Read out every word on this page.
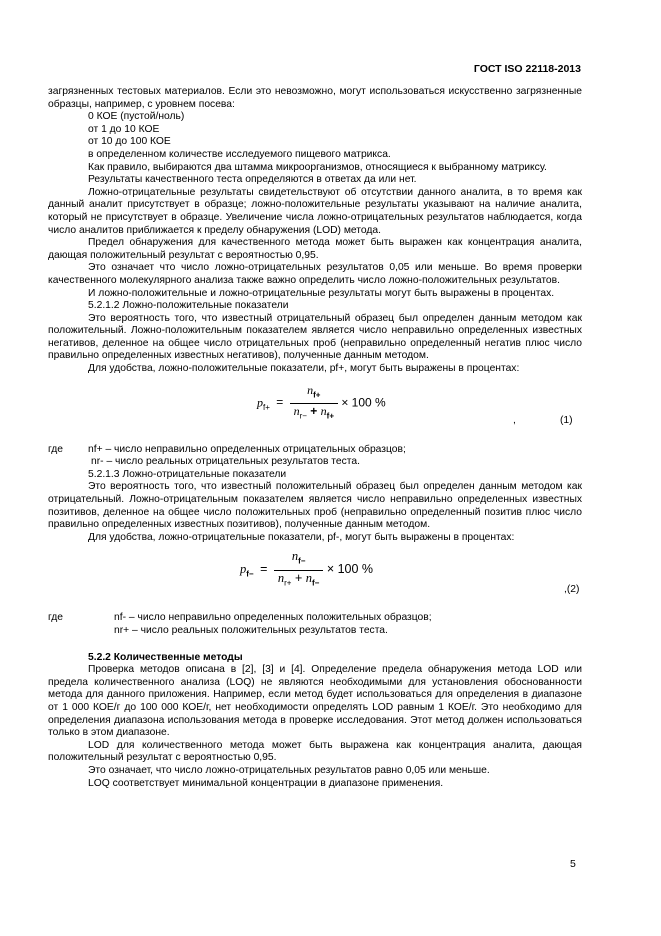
ГОСТ ISO 22118-2013

загрязненных тестовых материалов. Если это невозможно, могут использоваться искусственно загрязненные образцы, например, с уровнем посева:

0 КОЕ (пустой/ноль)
от 1 до 10 КОЕ
от 10 до 100 КОЕ
в определенном количестве исследуемого пищевого матрикса.

Как правило, выбираются два штамма микроорганизмов, относящиеся к выбранному матриксу.

Результаты качественного теста определяются в ответах да или нет.

Ложно-отрицательные результаты свидетельствуют об отсутствии данного аналита, в то время как данный аналит присутствует в образце; ложно-положительные результаты указывают на наличие аналита, который не присутствует в образце. Увеличение числа ложно-отрицательных результатов наблюдается, когда число аналитов приближается к пределу обнаружения (LOD) метода.

Предел обнаружения для качественного метода может быть выражен как концентрация аналита, дающая положительный результат с вероятностью 0,95.

Это означает что число ложно-отрицательных результатов 0,05 или меньше. Во время проверки качественного молекулярного анализа также важно определить число ложно-положительных результатов.

И ложно-положительные и ложно-отрицательные результаты могут быть выражены в процентах.

5.2.1.2 Ложно-положительные показатели

Это вероятность того, что известный отрицательный образец был определен данным методом как положительный. Ложно-положительным показателем является число неправильно определенных известных негативов, деленное на общее число отрицательных проб (неправильно определенный негатив плюс число правильно определенных известных негативов), полученные данным методом.

Для удобства, ложно-положительные показатели, pf+, могут быть выражены в процентах:

$p_{f+} = \frac{n_{f+}}{n_{r-} + n_{f+}} \times 100$ %
,	(1)
где	nf+ – число неправильно определенных отрицательных образцов;
nr- – число реальных отрицательных результатов теста.

5.2.1.3 Ложно-отрицательные показатели

Это вероятность того, что известный положительный образец был определен данным методом как отрицательный. Ложно-отрицательным показателем является число неправильно определенных известных позитивов, деленное на общее число положительных проб (неправильно определенный позитив плюс число правильно определенных известных позитивов), полученные данным методом.

Для удобства, ложно-отрицательные показатели, pf-, могут быть выражены в процентах:

$p_{f-} = \frac{n_{f-}}{n_{r+} + n_{f-}} \times 100$ %
,(2)
где	nf- – число неправильно определенных положительных образцов;
nr+ – число реальных положительных результатов теста.

5.2.2 Количественные методы

Проверка методов описана в [2], [3] и [4]. Определение предела обнаружения метода LOD или предела количественного анализа (LOQ) не являются необходимыми для установления обоснованности метода для данного приложения. Например, если метод будет использоваться для определения в диапазоне от 1 000 КОЕ/г до 100 000 КОЕ/г, нет необходимости определять LOD равным 1 КОЕ/г. Это необходимо для определения диапазона использования метода в проверке исследования. Этот метод должен использоваться только в этом диапазоне.

LOD для количественного метода может быть выражена как концентрация аналита, дающая положительный результат с вероятностью 0,95.

Это означает, что число ложно-отрицательных результатов равно 0,05 или меньше.

LOQ соответствует минимальной концентрации в диапазоне применения.

5
